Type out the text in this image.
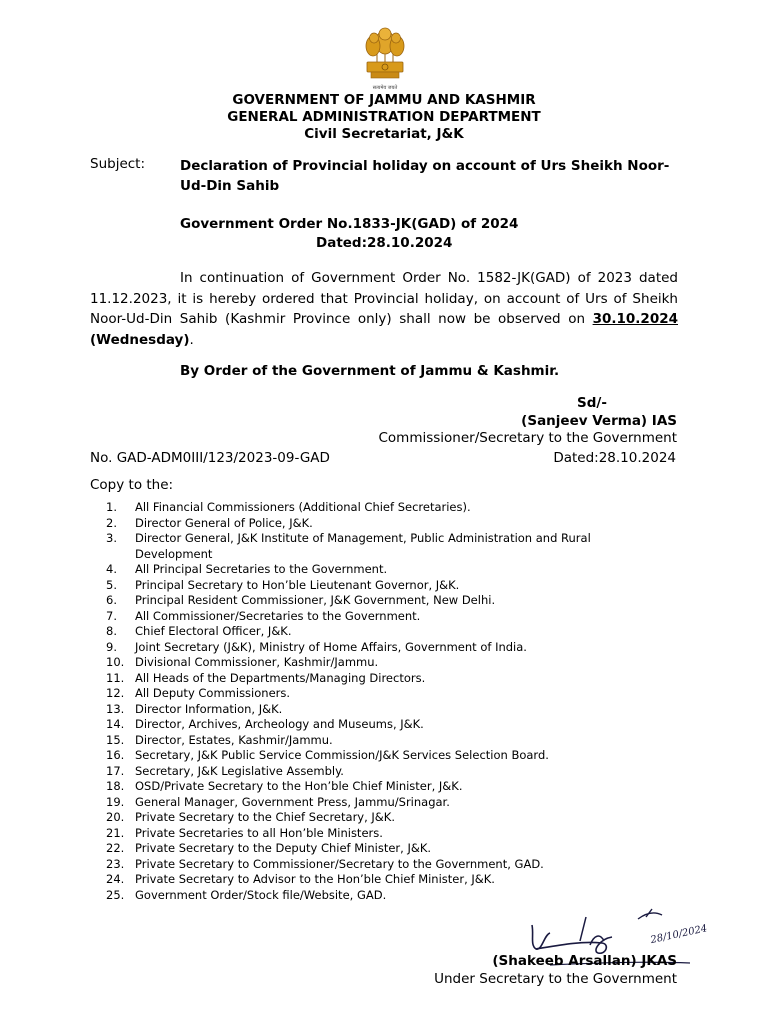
सत्यमेव जयते
GOVERNMENT OF JAMMU AND KASHMIR
GENERAL ADMINISTRATION DEPARTMENT
Civil Secretariat, J&K
Subject:	Declaration of Provincial holiday on account of Urs Sheikh Noor-Ud-Din Sahib
Government Order No.1833-JK(GAD) of 2024
Dated:28.10.2024

In continuation of Government Order No. 1582-JK(GAD) of 2023 dated 11.12.2023, it is hereby ordered that Provincial holiday, on account of Urs of Sheikh Noor-Ud-Din Sahib (Kashmir Province only) shall now be observed on 30.10.2024 (Wednesday).

By Order of the Government of Jammu & Kashmir.
Sd/-
(Sanjeev Verma) IAS
Commissioner/Secretary to the Government
No. GAD-ADM0III/123/2023-09-GAD	Dated:28.10.2024
Copy to the:
1. All Financial Commissioners (Additional Chief Secretaries).
2. Director General of Police, J&K.
3. Director General, J&K Institute of Management, Public Administration and Rural Development
4. All Principal Secretaries to the Government.
5. Principal Secretary to Hon’ble Lieutenant Governor, J&K.
6. Principal Resident Commissioner, J&K Government, New Delhi.
7. All Commissioner/Secretaries to the Government.
8. Chief Electoral Officer, J&K.
9. Joint Secretary (J&K), Ministry of Home Affairs, Government of India.
10. Divisional Commissioner, Kashmir/Jammu.
11. All Heads of the Departments/Managing Directors.
12. All Deputy Commissioners.
13. Director Information, J&K.
14. Director, Archives, Archeology and Museums, J&K.
15. Director, Estates, Kashmir/Jammu.
16. Secretary, J&K Public Service Commission/J&K Services Selection Board.
17. Secretary, J&K Legislative Assembly.
18. OSD/Private Secretary to the Hon’ble Chief Minister, J&K.
19. General Manager, Government Press, Jammu/Srinagar.
20. Private Secretary to the Chief Secretary, J&K.
21. Private Secretaries to all Hon’ble Ministers.
22. Private Secretary to the Deputy Chief Minister, J&K.
23. Private Secretary to Commissioner/Secretary to the Government, GAD.
24. Private Secretary to Advisor to the Hon’ble Chief Minister, J&K.
25. Government Order/Stock file/Website, GAD.
28/10/2024
(Shakeeb Arsallan) JKAS
Under Secretary to the Government
